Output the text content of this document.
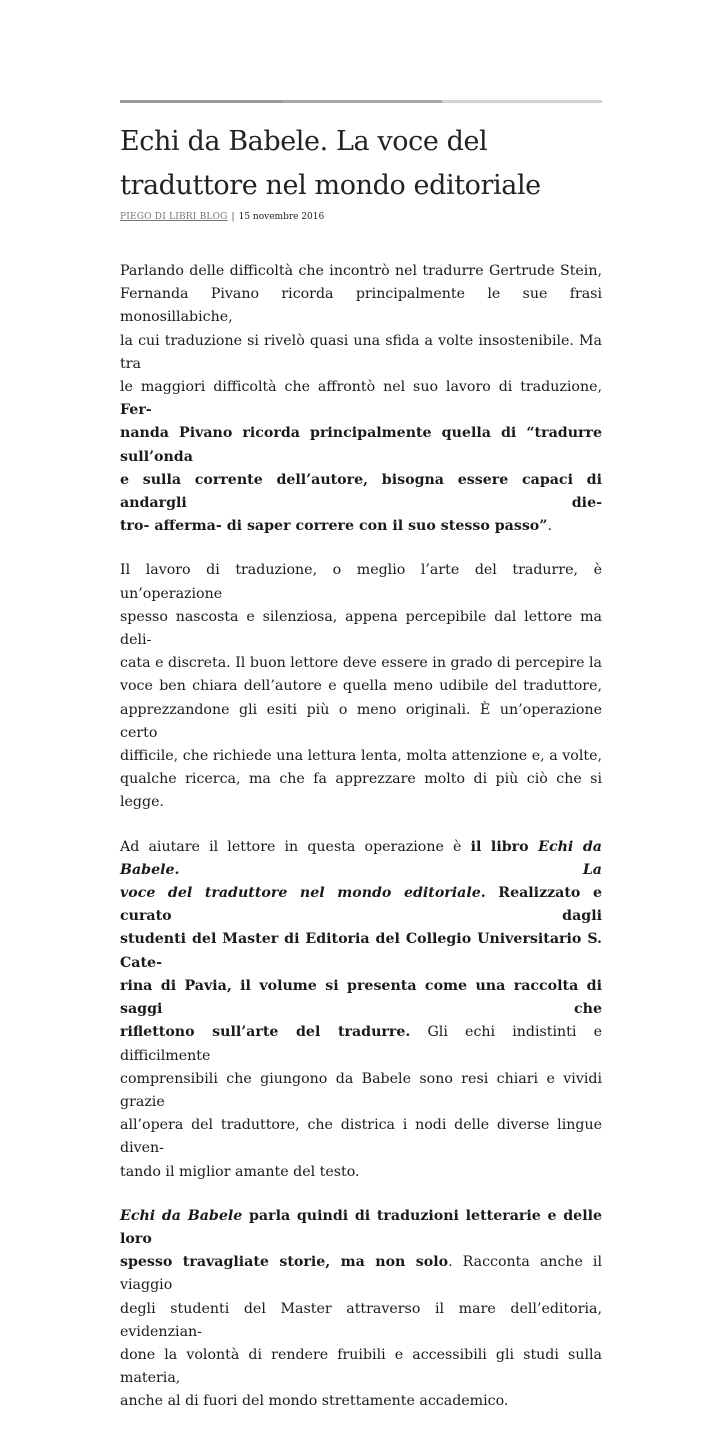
Echi da Babele. La voce del traduttore nel mondo editoriale
PIEGO DI LIBRI BLOG | 15 novembre 2016

Parlando delle difficoltà che incontrò nel tradurre Gertrude Stein,
Fernanda Pivano ricorda principalmente le sue frasi monosillabiche,
la cui traduzione si rivelò quasi una sfida a volte insostenibile. Ma tra
le maggiori difficoltà che affrontò nel suo lavoro di traduzione, Fer-
nanda Pivano ricorda principalmente quella di “tradurre sull’onda
e sulla corrente dell’autore, bisogna essere capaci di andargli die-
tro- afferma- di saper correre con il suo stesso passo”.

Il lavoro di traduzione, o meglio l’arte del tradurre, è un’operazione
spesso nascosta e silenziosa, appena percepibile dal lettore ma deli-
cata e discreta. Il buon lettore deve essere in grado di percepire la
voce ben chiara dell’autore e quella meno udibile del traduttore,
apprezzandone gli esiti più o meno originali. È un’operazione certo
difficile, che richiede una lettura lenta, molta attenzione e, a volte,
qualche ricerca, ma che fa apprezzare molto di più ciò che si legge.

Ad aiutare il lettore in questa operazione è il libro Echi da Babele. La
voce del traduttore nel mondo editoriale. Realizzato e curato dagli
studenti del Master di Editoria del Collegio Universitario S. Cate-
rina di Pavia, il volume si presenta come una raccolta di saggi che
riflettono sull’arte del tradurre. Gli echi indistinti e difficilmente
comprensibili che giungono da Babele sono resi chiari e vividi grazie
all’opera del traduttore, che districa i nodi delle diverse lingue diven-
tando il miglior amante del testo.

Echi da Babele parla quindi di traduzioni letterarie e delle loro
spesso travagliate storie, ma non solo. Racconta anche il viaggio
degli studenti del Master attraverso il mare dell’editoria, evidenzian-
done la volontà di rendere fruibili e accessibili gli studi sulla materia,
anche al di fuori del mondo strettamente accademico.
